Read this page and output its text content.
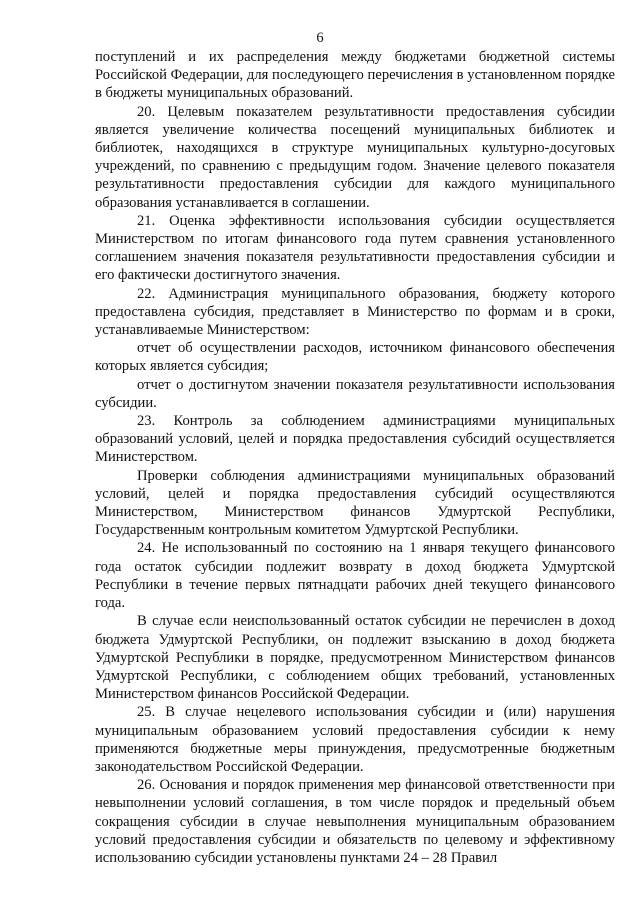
6

поступлений и их распределения между бюджетами бюджетной системы Российской Федерации, для последующего перечисления в установленном порядке в бюджеты муниципальных образований.

20. Целевым показателем результативности предоставления субсидии является увеличение количества посещений муниципальных библиотек и библиотек, находящихся в структуре муниципальных культурно-досуговых учреждений, по сравнению с предыдущим годом. Значение целевого показателя результативности предоставления субсидии для каждого муниципального образования устанавливается в соглашении.

21. Оценка эффективности использования субсидии осуществляется Министерством по итогам финансового года путем сравнения установленного соглашением значения показателя результативности предоставления субсидии и его фактически достигнутого значения.

22. Администрация муниципального образования, бюджету которого предоставлена субсидия, представляет в Министерство по формам и в сроки, устанавливаемые Министерством:

отчет об осуществлении расходов, источником финансового обеспечения которых является субсидия;

отчет о достигнутом значении показателя результативности использования субсидии.

23. Контроль за соблюдением администрациями муниципальных образований условий, целей и порядка предоставления субсидий осуществляется Министерством.

Проверки соблюдения администрациями муниципальных образований условий, целей и порядка предоставления субсидий осуществляются Министерством, Министерством финансов Удмуртской Республики, Государственным контрольным комитетом Удмуртской Республики.

24. Не использованный по состоянию на 1 января текущего финансового года остаток субсидии подлежит возврату в доход бюджета Удмуртской Республики в течение первых пятнадцати рабочих дней текущего финансового года.

В случае если неиспользованный остаток субсидии не перечислен в доход бюджета Удмуртской Республики, он подлежит взысканию в доход бюджета Удмуртской Республики в порядке, предусмотренном Министерством финансов Удмуртской Республики, с соблюдением общих требований, установленных Министерством финансов Российской Федерации.

25. В случае нецелевого использования субсидии и (или) нарушения муниципальным образованием условий предоставления субсидии к нему применяются бюджетные меры принуждения, предусмотренные бюджетным законодательством Российской Федерации.

26. Основания и порядок применения мер финансовой ответственности при невыполнении условий соглашения, в том числе порядок и предельный объем сокращения субсидии в случае невыполнения муниципальным образованием условий предоставления субсидии и обязательств по целевому и эффективному использованию субсидии установлены пунктами 24 – 28 Правил
